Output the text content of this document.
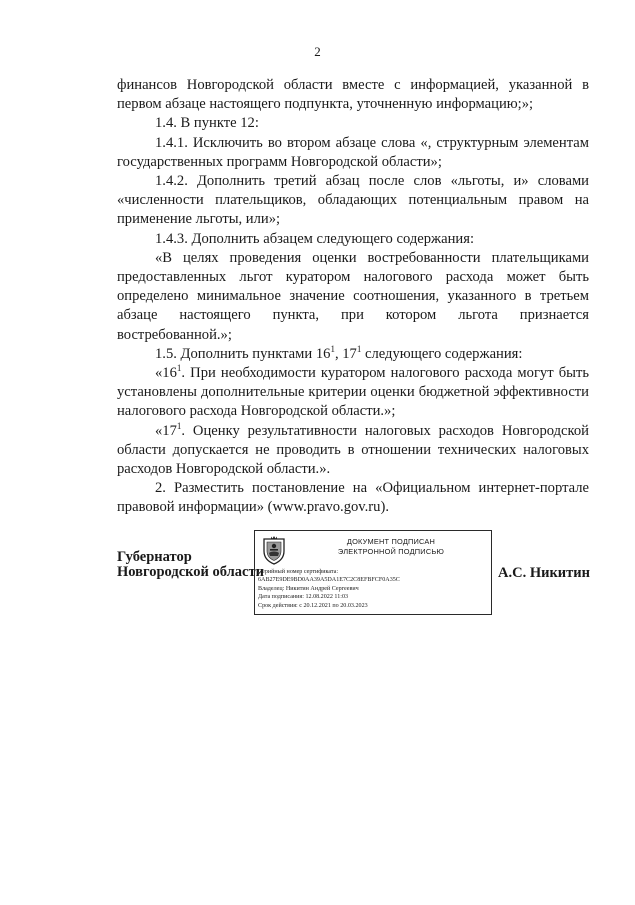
2

финансов Новгородской области вместе с информацией, указанной в первом абзаце настоящего подпункта, уточненную информацию;»;

1.4. В пункте 12:

1.4.1. Исключить во втором абзаце слова «, структурным элементам государственных программ Новгородской области»;

1.4.2. Дополнить третий абзац после слов «льготы, и» словами «численности плательщиков, обладающих потенциальным правом на применение льготы, или»;

1.4.3. Дополнить абзацем следующего содержания:

«В целях проведения оценки востребованности плательщиками предоставленных льгот куратором налогового расхода может быть определено минимальное значение соотношения, указанного в третьем абзаце настоящего пункта, при котором льгота признается востребованной.»;

1.5. Дополнить пунктами $16^1$, $17^1$ следующего содержания:

«$16^1$. При необходимости куратором налогового расхода могут быть установлены дополнительные критерии оценки бюджетной эффективности налогового расхода Новгородской области.»;

«$17^1$. Оценку результативности налоговых расходов Новгородской области допускается не проводить в отношении технических налоговых расходов Новгородской области.».

2. Разместить постановление на «Официальном интернет-портале правовой информации» (www.pravo.gov.ru).

Губернатор
Новгородской области
ДОКУМЕНТ ПОДПИСАН
ЭЛЕКТРОННОЙ ПОДПИСЬЮ
Серийный номер сертификата:
6AB27E9DE9BD0AA39A5DA1E7C2C8EFBFCF0A35C
Владелец: Никитин Андрей Сергеевич
Дата подписания: 12.08.2022 11:03
Срок действия: с 20.12.2021 по 20.03.2023
А.С. Никитин
